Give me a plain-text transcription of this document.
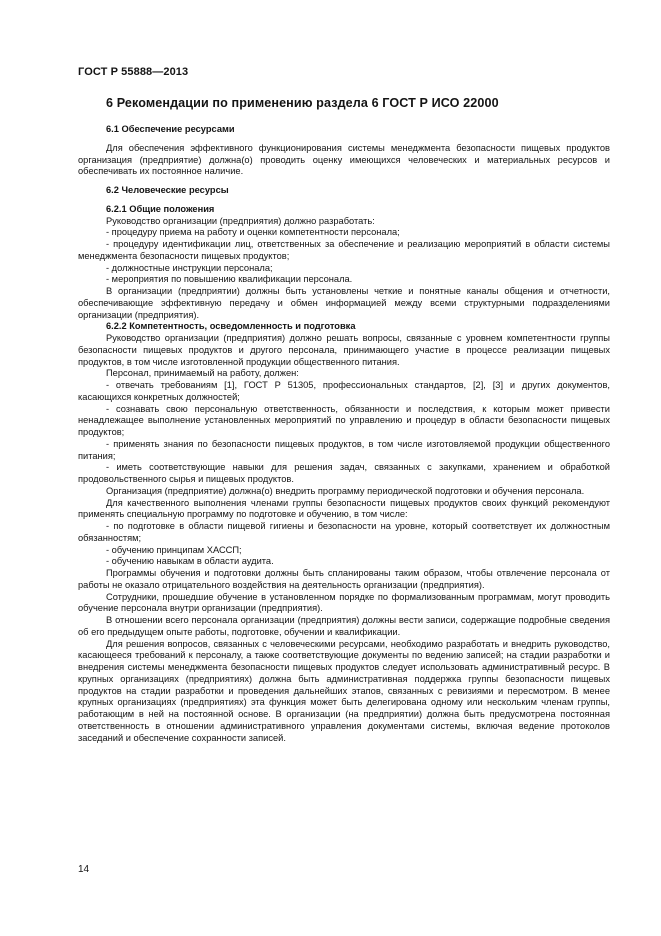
ГОСТ Р 55888—2013
6 Рекомендации по применению раздела 6 ГОСТ Р ИСО 22000

6.1 Обеспечение ресурсами

Для обеспечения эффективного функционирования системы менеджмента безопасности пищевых продуктов организация (предприятие) должна(о) проводить оценку имеющихся человеческих и материальных ресурсов и обеспечивать их постоянное наличие.

6.2 Человеческие ресурсы

6.2.1 Общие положения

Руководство организации (предприятия) должно разработать:

- процедуру приема на работу и оценки компетентности персонала;

- процедуру идентификации лиц, ответственных за обеспечение и реализацию мероприятий в области системы менеджмента безопасности пищевых продуктов;

- должностные инструкции персонала;

- мероприятия по повышению квалификации персонала.

В организации (предприятии) должны быть установлены четкие и понятные каналы общения и отчетности, обеспечивающие эффективную передачу и обмен информацией между всеми структурными подразделениями организации (предприятия).

6.2.2 Компетентность, осведомленность и подготовка

Руководство организации (предприятия) должно решать вопросы, связанные с уровнем компетентности группы безопасности пищевых продуктов и другого персонала, принимающего участие в процессе реализации пищевых продуктов, в том числе изготовленной продукции общественного питания.

Персонал, принимаемый на работу, должен:

- отвечать требованиям [1], ГОСТ Р 51305, профессиональных стандартов, [2], [3] и других документов, касающихся конкретных должностей;

- сознавать свою персональную ответственность, обязанности и последствия, к которым может привести ненадлежащее выполнение установленных мероприятий по управлению и процедур в области безопасности пищевых продуктов;

- применять знания по безопасности пищевых продуктов, в том числе изготовляемой продукции общественного питания;

- иметь соответствующие навыки для решения задач, связанных с закупками, хранением и обработкой продовольственного сырья и пищевых продуктов.

Организация (предприятие) должна(о) внедрить программу периодической подготовки и обучения персонала.

Для качественного выполнения членами группы безопасности пищевых продуктов своих функций рекомендуют применять специальную программу по подготовке и обучению, в том числе:

- по подготовке в области пищевой гигиены и безопасности на уровне, который соответствует их должностным обязанностям;

- обучению принципам ХАССП;

- обучению навыкам в области аудита.

Программы обучения и подготовки должны быть спланированы таким образом, чтобы отвлечение персонала от работы не оказало отрицательного воздействия на деятельность организации (предприятия).

Сотрудники, прошедшие обучение в установленном порядке по формализованным программам, могут проводить обучение персонала внутри организации (предприятия).

В отношении всего персонала организации (предприятия) должны вести записи, содержащие подробные сведения об его предыдущем опыте работы, подготовке, обучении и квалификации.

Для решения вопросов, связанных с человеческими ресурсами, необходимо разработать и внедрить руководство, касающееся требований к персоналу, а также соответствующие документы по ведению записей; на стадии разработки и внедрения системы менеджмента безопасности пищевых продуктов следует использовать административный ресурс. В крупных организациях (предприятиях) должна быть административная поддержка группы безопасности пищевых продуктов на стадии разработки и проведения дальнейших этапов, связанных с ревизиями и пересмотром. В менее крупных организациях (предприятиях) эта функция может быть делегирована одному или нескольким членам группы, работающим в ней на постоянной основе. В организации (на предприятии) должна быть предусмотрена постоянная ответственность в отношении административного управления документами системы, включая ведение протоколов заседаний и обеспечение сохранности записей.

14
